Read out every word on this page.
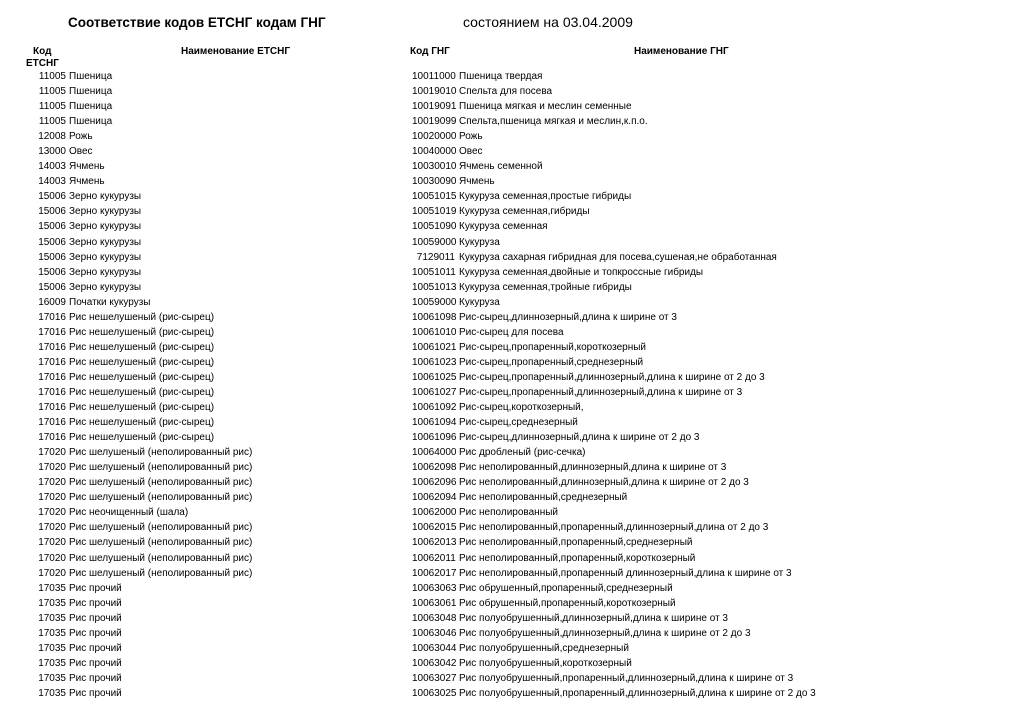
Соответствие кодов ЕТСНГ кодам ГНГ	состоянием на 03.04.2009
Код
ЕТСНГ
Наименование ЕТСНГ	Код ГНГ	Наименование ГНГ
11005 Пшеница	10011000 Пшеница твердая
11005 Пшеница	10019010 Спельта для посева
11005 Пшеница	10019091 Пшеница мягкая и меслин семенные
11005 Пшеница	10019099 Спельта,пшеница мягкая и меслин,к.п.о.
12008 Рожь	10020000 Рожь
13000 Овес	10040000 Овес
14003 Ячмень	10030010 Ячмень семенной
14003 Ячмень	10030090 Ячмень
15006 Зерно кукурузы	10051015 Кукуруза семенная,простые гибриды
15006 Зерно кукурузы	10051019 Кукуруза семенная,гибриды
15006 Зерно кукурузы	10051090 Кукуруза семенная
15006 Зерно кукурузы	10059000 Кукуруза
15006 Зерно кукурузы	7129011 Кукуруза сахарная гибридная для посева,сушеная,не обработанная
15006 Зерно кукурузы	10051011 Кукуруза семенная,двойные и топкроссные гибриды
15006 Зерно кукурузы	10051013 Кукуруза семенная,тройные гибриды
16009 Початки кукурузы	10059000 Кукуруза
17016 Рис нешелушеный (рис-сырец)	10061098 Рис-сырец,длиннозерный,длина к ширине от 3
17016 Рис нешелушеный (рис-сырец)	10061010 Рис-сырец для посева
17016 Рис нешелушеный (рис-сырец)	10061021 Рис-сырец,пропаренный,короткозерный
17016 Рис нешелушеный (рис-сырец)	10061023 Рис-сырец,пропаренный,среднезерный
17016 Рис нешелушеный (рис-сырец)	10061025 Рис-сырец,пропаренный,длиннозерный,длина к ширине от 2 до 3
17016 Рис нешелушеный (рис-сырец)	10061027 Рис-сырец,пропаренный,длиннозерный,длина к ширине от 3
17016 Рис нешелушеный (рис-сырец)	10061092 Рис-сырец,короткозерный,
17016 Рис нешелушеный (рис-сырец)	10061094 Рис-сырец,среднезерный
17016 Рис нешелушеный (рис-сырец)	10061096 Рис-сырец,длиннозерный,длина к ширине от 2 до 3
17020 Рис шелушеный (неполированный рис)	10064000 Рис дробленый (рис-сечка)
17020 Рис шелушеный (неполированный рис)	10062098 Рис неполированный,длиннозерный,длина к ширине от 3
17020 Рис шелушеный (неполированный рис)	10062096 Рис неполированный,длиннозерный,длина к ширине от 2 до 3
17020 Рис шелушеный (неполированный рис)	10062094 Рис неполированный,среднезерный
17020 Рис неочищенный (шала)	10062000 Рис неполированный
17020 Рис шелушеный (неполированный рис)	10062015 Рис неполированный,пропаренный,длиннозерный,длина от 2 до 3
17020 Рис шелушеный (неполированный рис)	10062013 Рис неполированный,пропаренный,среднезерный
17020 Рис шелушеный (неполированный рис)	10062011 Рис неполированный,пропаренный,короткозерный
17020 Рис шелушеный (неполированный рис)	10062017 Рис неполированный,пропаренный длиннозерный,длина к ширине от 3
17035 Рис прочий	10063063 Рис обрушенный,пропаренный,среднезерный
17035 Рис прочий	10063061 Рис обрушенный,пропаренный,короткозерный
17035 Рис прочий	10063048 Рис полуобрушенный,длиннозерный,длина к ширине от 3
17035 Рис прочий	10063046 Рис полуобрушенный,длиннозерный,длина к ширине от 2 до 3
17035 Рис прочий	10063044 Рис полуобрушенный,среднезерный
17035 Рис прочий	10063042 Рис полуобрушенный,короткозерный
17035 Рис прочий	10063027 Рис полуобрушенный,пропаренный,длиннозерный,длина к ширине от 3
17035 Рис прочий	10063025 Рис полуобрушенный,пропаренный,длиннозерный,длина к ширине от 2 до 3
